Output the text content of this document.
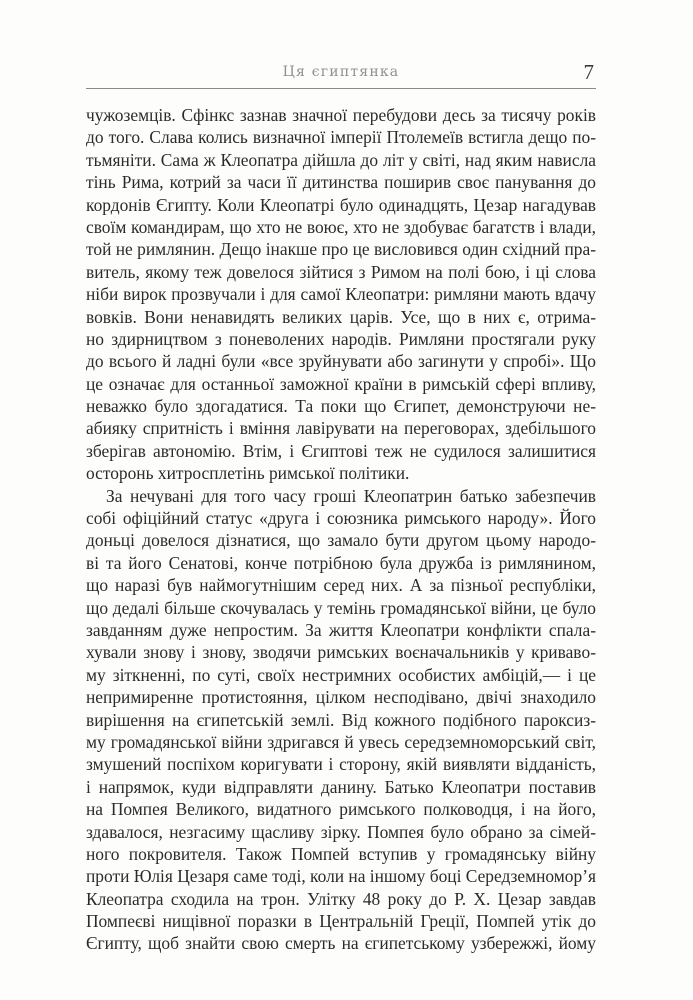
Ця єгиптянка	7
чужоземців. Сфінкс зазнав значної перебудови десь за тисячу років
до того. Слава колись визначної імперії Птолемеїв встигла дещо по-
тьмяніти. Сама ж Клеопатра дійшла до літ у світі, над яким нависла
тінь Рима, котрий за часи її дитинства поширив своє панування до
кордонів Єгипту. Коли Клеопатрі було одинадцять, Цезар нагадував
своїм командирам, що хто не воює, хто не здобуває багатств і влади,
той не римлянин. Дещо інакше про це висловився один східний пра-
витель, якому теж довелося зійтися з Римом на полі бою, і ці слова
ніби вирок прозвучали і для самої Клеопатри: римляни мають вдачу
вовків. Вони ненавидять великих царів. Усе, що в них є, отрима-
но здирництвом з поневолених народів. Римляни простягали руку
до всього й ладні були «все зруйнувати або загинути у спробі». Що
це означає для останньої заможної країни в римській сфері впливу,
неважко було здогадатися. Та поки що Єгипет, демонструючи не-
абияку спритність і вміння лавірувати на переговорах, здебільшого
зберігав автономію. Втім, і Єгиптові теж не судилося залишитися
осторонь хитросплетінь римської політики.
За нечувані для того часу гроші Клеопатрин батько забезпечив
собі офіційний статус «друга і союзника римського народу». Його
доньці довелося дізнатися, що замало бути другом цьому народо-
ві та його Сенатові, конче потрібною була дружба із римлянином,
що наразі був наймогутнішим серед них. А за пізньої республіки,
що дедалі більше скочувалась у темінь громадянської війни, це було
завданням дуже непростим. За життя Клеопатри конфлікти спала-
хували знову і знову, зводячи римських воєначальників у кривавo-
му зіткненні, по суті, своїх нестримних особистих амбіцій,— і це
непримиренне протистояння, цілком несподівано, двічі знаходило
вирішення на єгипетській землі. Від кожного подібного пароксиз-
му громадянської війни здригався й увесь середземноморський світ,
змушений поспіхом коригувати і сторону, якій виявляти відданість,
і напрямок, куди відправляти данину. Батько Клеопатри поставив
на Помпея Великого, видатного римського полководця, і на його,
здавалося, незгасиму щасливу зірку. Помпея було обрано за сімей-
ного покровителя. Також Помпей вступив у громадянську війну
проти Юлія Цезаря саме тоді, коли на іншому боці Середземномор’я
Клеопатра сходила на трон. Улітку 48 року до Р. Х. Цезар завдав
Помпеєві нищівної поразки в Центральній Греції, Помпей утік до
Єгипту, щоб знайти свою смерть на єгипетському узбережжі, йому
